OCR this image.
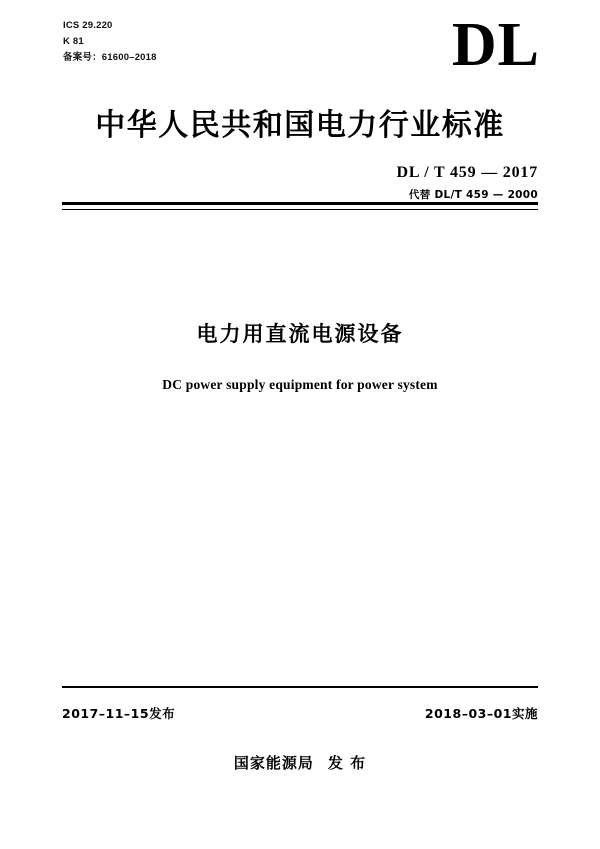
ICS 29.220
K 81
备案号：61600–2018	DL
中华人民共和国电力行业标准
DL / T 459 — 2017
代替 DL/T 459 — 2000
电力用直流电源设备
DC power supply equipment for power system
2017–11–15发布	2018–03–01实施
国家能源局 发 布
